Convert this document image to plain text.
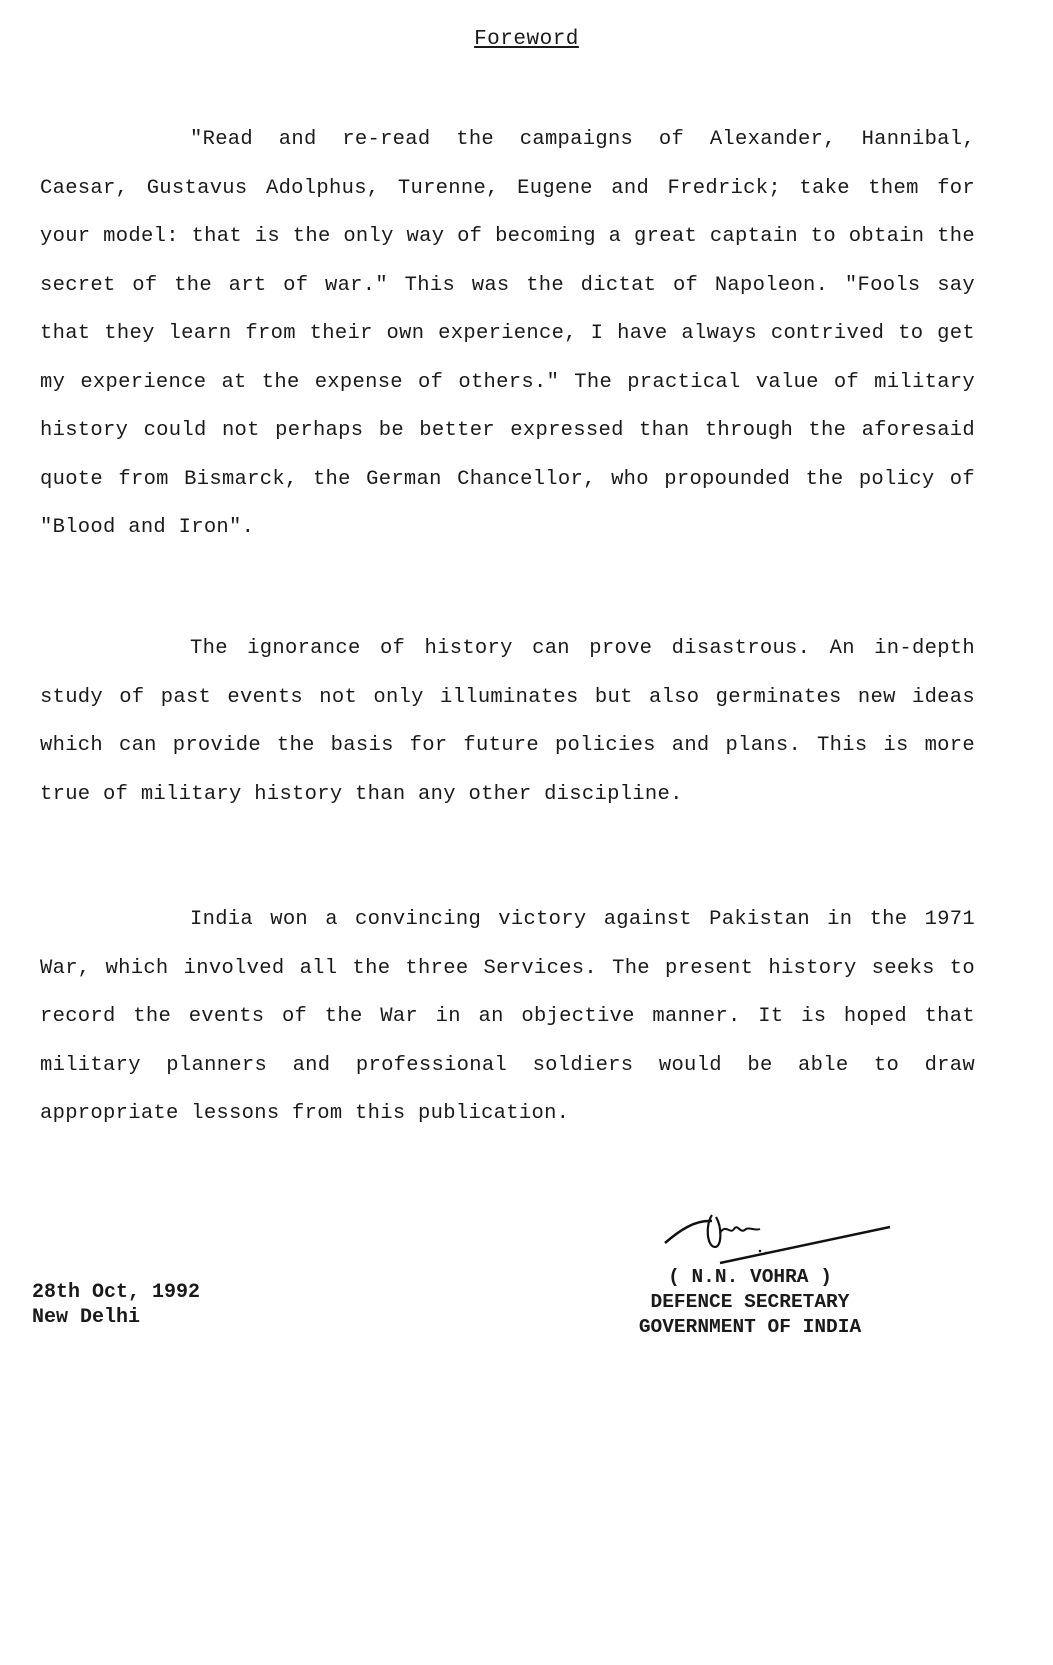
Foreword
"Read and re-read the campaigns of Alexander, Hannibal, Caesar, Gustavus Adolphus, Turenne, Eugene and Fredrick; take them for your model: that is the only way of becoming a great captain to obtain the secret of the art of war." This was the dictat of Napoleon. "Fools say that they learn from their own experience, I have always contrived to get my experience at the expense of others." The practical value of military history could not perhaps be better expressed than through the aforesaid quote from Bismarck, the German Chancellor, who propounded the policy of "Blood and Iron".
The ignorance of history can prove disastrous. An in-depth study of past events not only illuminates but also germinates new ideas which can provide the basis for future policies and plans. This is more true of military history than any other discipline.
India won a convincing victory against Pakistan in the 1971 War, which involved all the three Services. The present history seeks to record the events of the War in an objective manner. It is hoped that military planners and professional soldiers would be able to draw appropriate lessons from this publication.
28th Oct, 1992
New Delhi
( N.N. VOHRA )
DEFENCE SECRETARY
GOVERNMENT OF INDIA
